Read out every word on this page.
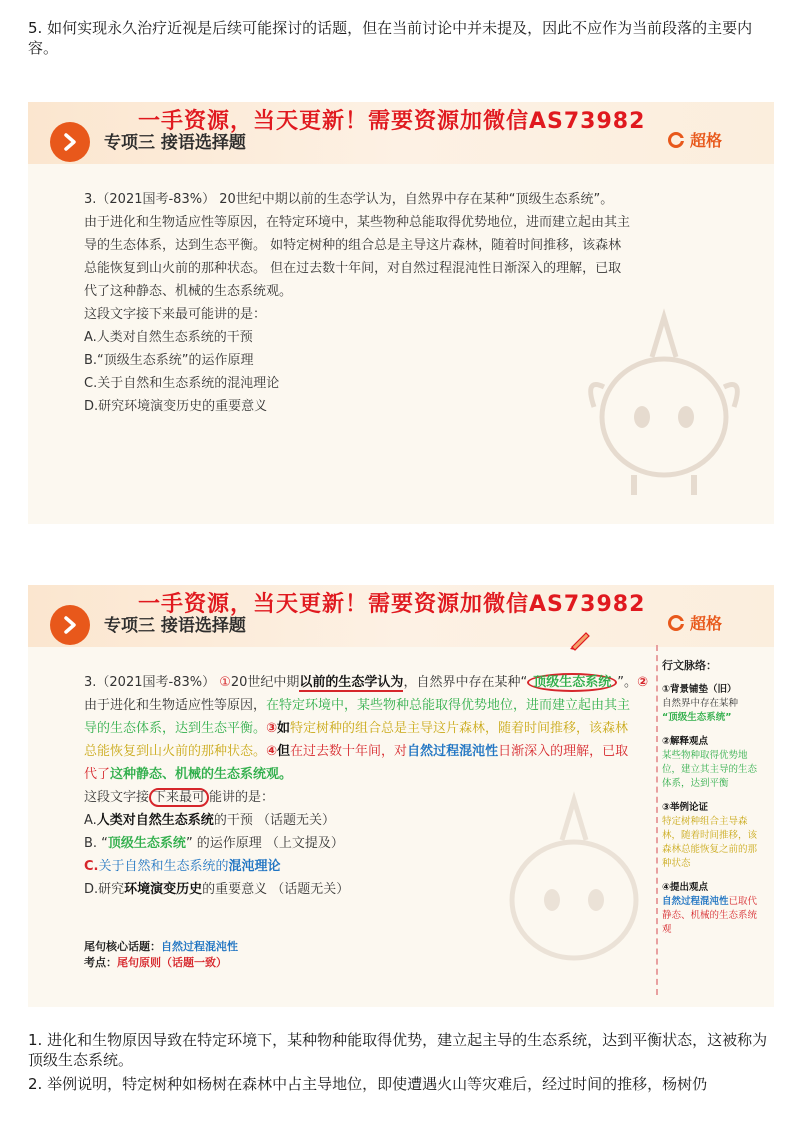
5. 如何实现永久治疗近视是后续可能探讨的话题，但在当前讨论中并未提及，因此不应作为当前段落的主要内容。
一手资源，当天更新！需要资源加微信AS73982
专项三 接语选择题	超格

3.（2021国考-83%） 20世纪中期以前的生态学认为，自然界中存在某种“顶级生态系统”。

由于进化和生物适应性等原因，在特定环境中，某些物种总能取得优势地位，进而建立起由其主

导的生态体系，达到生态平衡。 如特定树种的组合总是主导这片森林，随着时间推移，该森林

总能恢复到山火前的那种状态。 但在过去数十年间，对自然过程混沌性日渐深入的理解，已取

代了这种静态、机械的生态系统观。

这段文字接下来最可能讲的是：

A.人类对自然生态系统的干预

B.“顶级生态系统”的运作原理

C.关于自然和生态系统的混沌理论

D.研究环境演变历史的重要意义

一手资源，当天更新！需要资源加微信AS73982
专项三 接语选择题	超格

3.（2021国考-83%） ①20世纪中期以前的生态学认为，自然界中存在某种“ 顶级生态系统 ”。②

由于进化和生物适应性等原因，在特定环境中，某些物种总能取得优势地位，进而建立起由其主

导的生态体系，达到生态平衡。③如特定树种的组合总是主导这片森林，随着时间推移，该森林

总能恢复到山火前的那种状态。④但在过去数十年间，对自然过程混沌性日渐深入的理解，已取

代了这种静态、机械的生态系统观。

这段文字接 下来最可 能讲的是：

A.人类对自然生态系统的干预 （话题无关）

B. “顶级生态系统” 的运作原理 （上文提及）

C.关于自然和生态系统的混沌理论

D.研究环境演变历史的重要意义 （话题无关）

尾句核心话题：自然过程混沌性
考点：尾句原则（话题一致）
行文脉络：
①背景铺垫（旧）
自然界中存在某种
“顶级生态系统”
②解释观点
某些物种取得优势地位，建立其主导的生态体系，达到平衡
③举例论证
特定树种组合主导森林，随着时间推移，该森林总能恢复之前的那种状态
④提出观点
自然过程混沌性已取代静态、机械的生态系统观
1. 进化和生物原因导致在特定环境下，某种物种能取得优势，建立起主导的生态系统，达到平衡状态，这被称为顶级生态系统。
2. 举例说明，特定树种如杨树在森林中占主导地位，即使遭遇火山等灾难后，经过时间的推移，杨树仍
